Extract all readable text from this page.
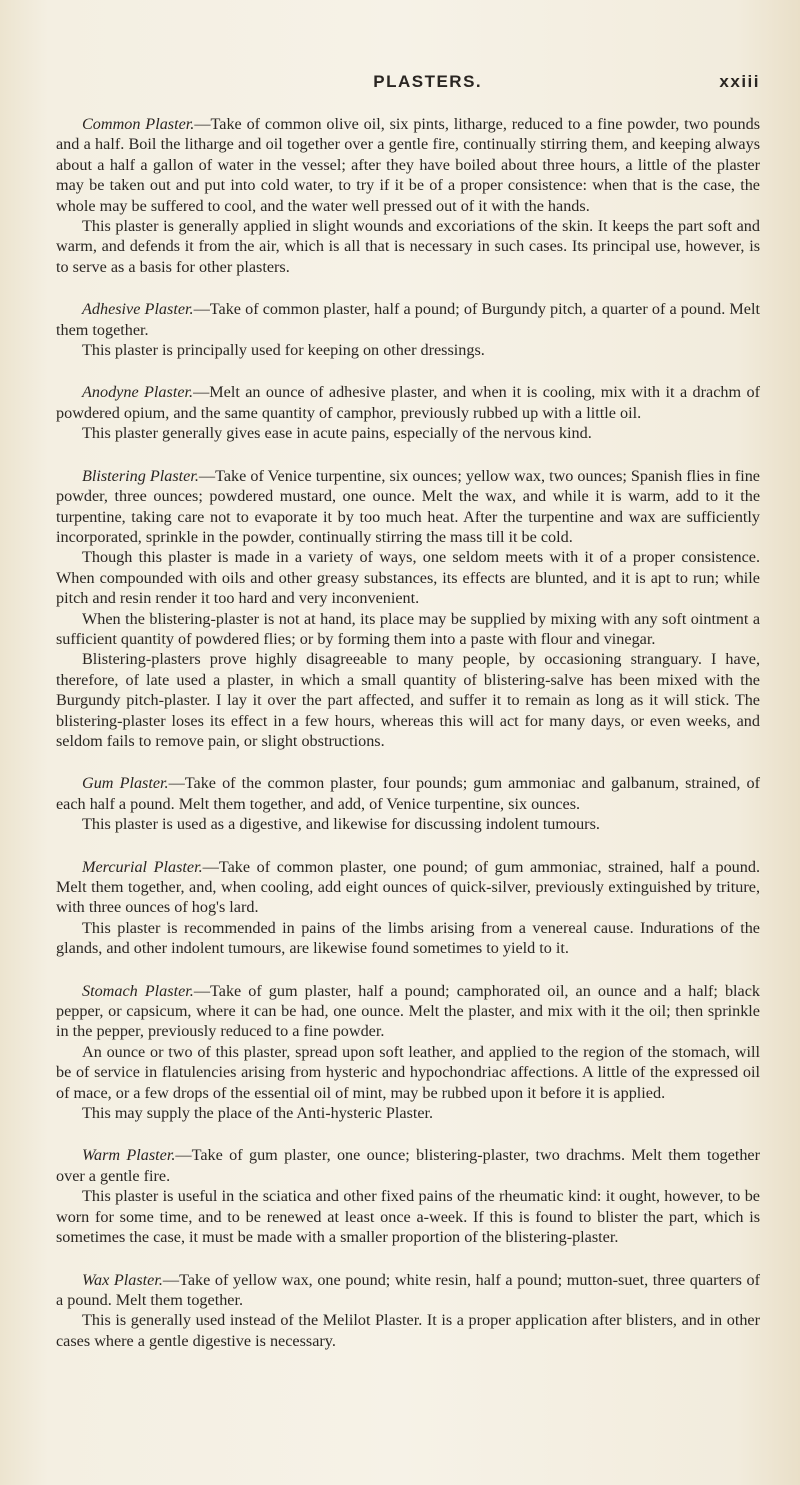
PLASTERS.	xxiii

Common Plaster.—Take of common olive oil, six pints, litharge, reduced to a fine powder, two pounds and a half. Boil the litharge and oil together over a gentle fire, continually stirring them, and keeping always about a half a gallon of water in the vessel; after they have boiled about three hours, a little of the plaster may be taken out and put into cold water, to try if it be of a proper consistence: when that is the case, the whole may be suffered to cool, and the water well pressed out of it with the hands.

This plaster is generally applied in slight wounds and excoriations of the skin. It keeps the part soft and warm, and defends it from the air, which is all that is necessary in such cases. Its principal use, however, is to serve as a basis for other plasters.

Adhesive Plaster.—Take of common plaster, half a pound; of Burgundy pitch, a quarter of a pound. Melt them together.

This plaster is principally used for keeping on other dressings.

Anodyne Plaster.—Melt an ounce of adhesive plaster, and when it is cooling, mix with it a drachm of powdered opium, and the same quantity of camphor, previously rubbed up with a little oil.

This plaster generally gives ease in acute pains, especially of the nervous kind.

Blistering Plaster.—Take of Venice turpentine, six ounces; yellow wax, two ounces; Spanish flies in fine powder, three ounces; powdered mustard, one ounce. Melt the wax, and while it is warm, add to it the turpentine, taking care not to evaporate it by too much heat. After the turpentine and wax are sufficiently incorporated, sprinkle in the powder, continually stirring the mass till it be cold.

Though this plaster is made in a variety of ways, one seldom meets with it of a proper consistence. When compounded with oils and other greasy substances, its effects are blunted, and it is apt to run; while pitch and resin render it too hard and very inconvenient.

When the blistering-plaster is not at hand, its place may be supplied by mixing with any soft ointment a sufficient quantity of powdered flies; or by forming them into a paste with flour and vinegar.

Blistering-plasters prove highly disagreeable to many people, by occasioning stranguary. I have, therefore, of late used a plaster, in which a small quantity of blistering-salve has been mixed with the Burgundy pitch-plaster. I lay it over the part affected, and suffer it to remain as long as it will stick. The blistering-plaster loses its effect in a few hours, whereas this will act for many days, or even weeks, and seldom fails to remove pain, or slight obstructions.

Gum Plaster.—Take of the common plaster, four pounds; gum ammoniac and galbanum, strained, of each half a pound. Melt them together, and add, of Venice turpentine, six ounces.

This plaster is used as a digestive, and likewise for discussing indolent tumours.

Mercurial Plaster.—Take of common plaster, one pound; of gum ammoniac, strained, half a pound. Melt them together, and, when cooling, add eight ounces of quick-silver, previously extinguished by triture, with three ounces of hog's lard.

This plaster is recommended in pains of the limbs arising from a venereal cause. Indurations of the glands, and other indolent tumours, are likewise found sometimes to yield to it.

Stomach Plaster.—Take of gum plaster, half a pound; camphorated oil, an ounce and a half; black pepper, or capsicum, where it can be had, one ounce. Melt the plaster, and mix with it the oil; then sprinkle in the pepper, previously reduced to a fine powder.

An ounce or two of this plaster, spread upon soft leather, and applied to the region of the stomach, will be of service in flatulencies arising from hysteric and hypochondriac affections. A little of the expressed oil of mace, or a few drops of the essential oil of mint, may be rubbed upon it before it is applied.

This may supply the place of the Anti-hysteric Plaster.

Warm Plaster.—Take of gum plaster, one ounce; blistering-plaster, two drachms. Melt them together over a gentle fire.

This plaster is useful in the sciatica and other fixed pains of the rheumatic kind: it ought, however, to be worn for some time, and to be renewed at least once a-week. If this is found to blister the part, which is sometimes the case, it must be made with a smaller proportion of the blistering-plaster.

Wax Plaster.—Take of yellow wax, one pound; white resin, half a pound; mutton-suet, three quarters of a pound. Melt them together.

This is generally used instead of the Melilot Plaster. It is a proper application after blisters, and in other cases where a gentle digestive is necessary.
